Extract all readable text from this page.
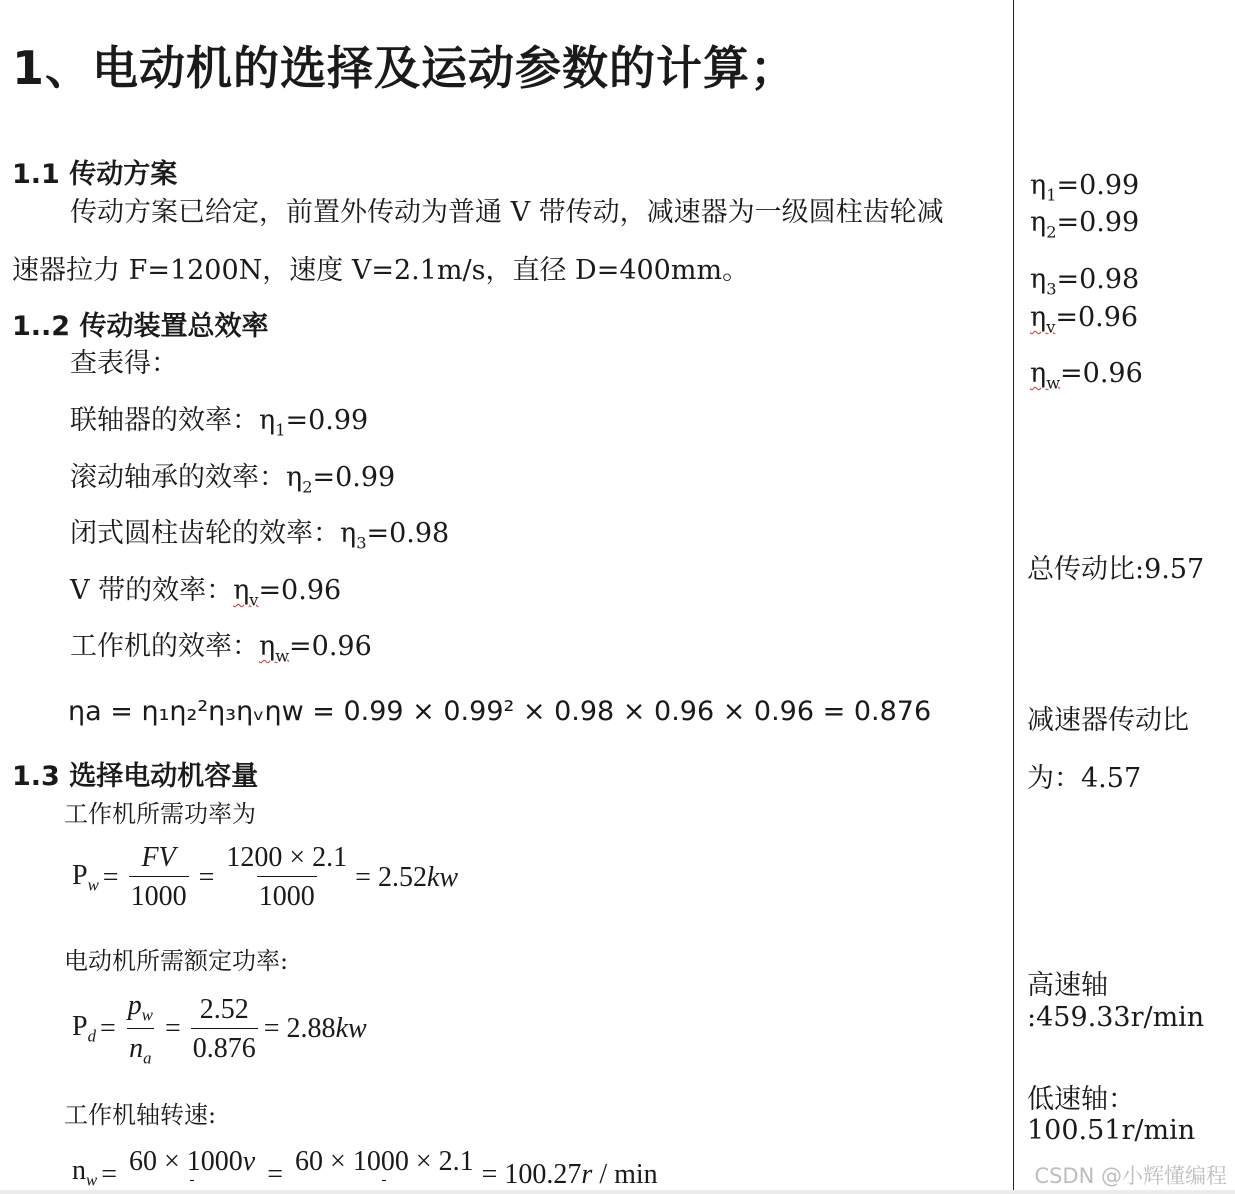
1、电动机的选择及运动参数的计算；
1.1 传动方案
传动方案已给定，前置外传动为普通 V 带传动，减速器为一级圆柱齿轮减
速器拉力 F=1200N，速度 V=2.1m/s，直径 D=400mm。
1..2 传动装置总效率
查表得：
联轴器的效率：$\eta_1=0.99$
滚动轴承的效率：$\eta_2=0.99$
闭式圆柱齿轮的效率：$\eta_3=0.98$
V 带的效率：$\eta_v=0.96$
工作机的效率：$\eta_w=0.96$
ηa = η₁η₂²η₃ηᵥηw = 0.99 × 0.99² × 0.98 × 0.96 × 0.96 = 0.876
1.3 选择电动机容量
工作机所需功率为
$P_w = \frac{FV}{1000} = \frac{1200 \times 2.1}{1000} = 2.52$ kw
电动机所需额定功率:
$P_d = \frac{p_w}{n_a} = \frac{2.52}{0.876} = 2.88$ kw
工作机轴转速:
$n_w = 60 \times 1000v = 60 \times 1000 \times 2.1 = 100.27r / \min$
$\eta_1=0.99$
$\eta_2=0.99$
$\eta_3=0.98$
$\eta_v=0.96$
$\eta_w=0.96$
总传动比:9.57
减速器传动比
为：4.57
高速轴
:459.33r/min
低速轴：
100.51r/min
CSDN @小辉懂编程
